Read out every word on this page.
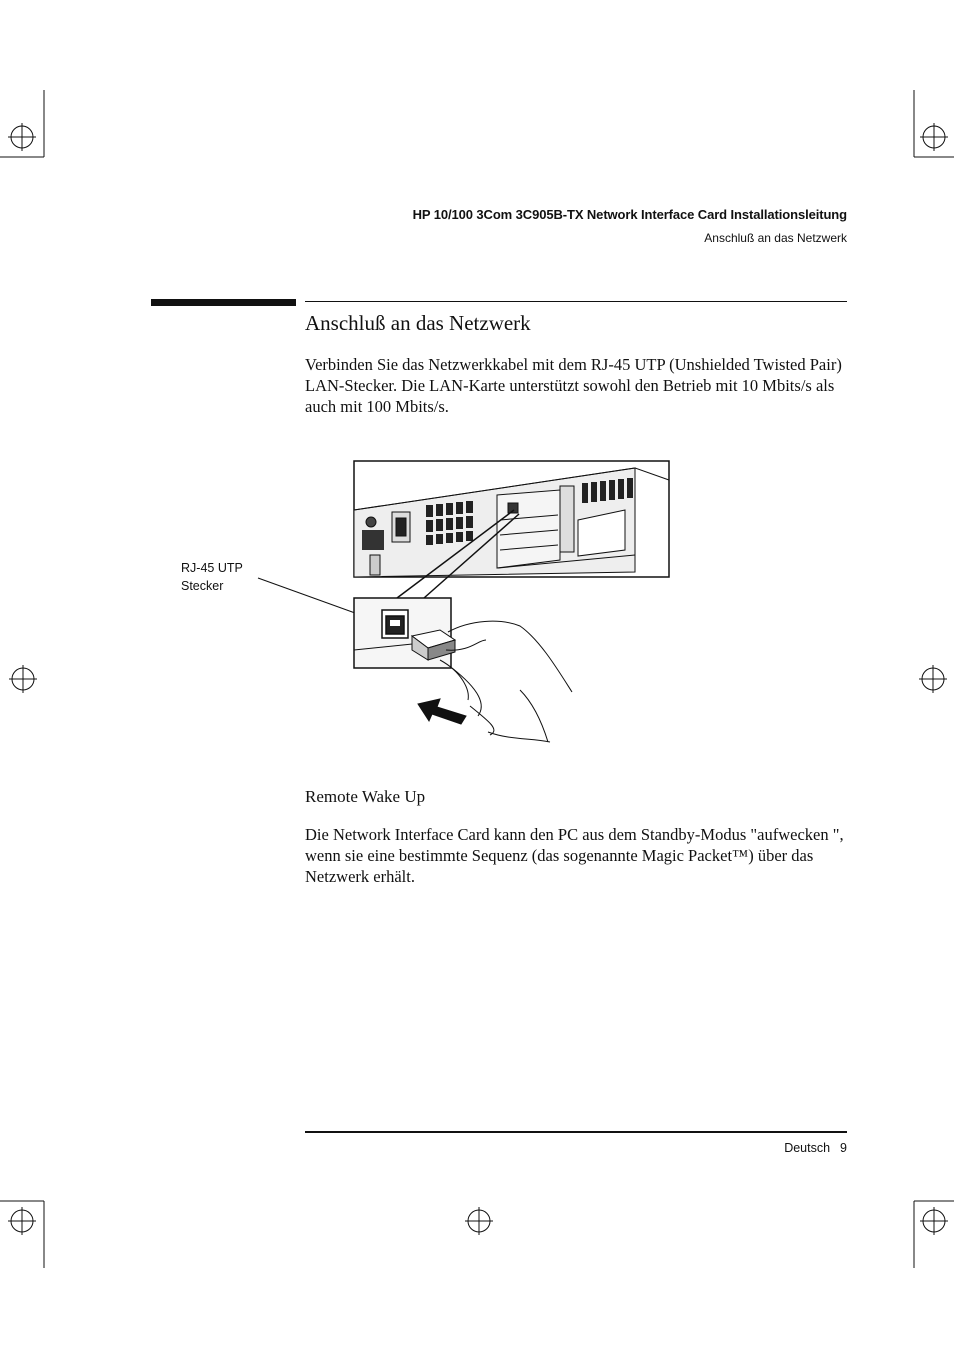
HP 10/100 3Com 3C905B-TX Network Interface Card Installationsleitung
Anschluß an das Netzwerk
Anschluß an das Netzwerk
Verbinden Sie das Netzwerkkabel mit dem RJ-45 UTP (Unshielded Twisted Pair) LAN-Stecker. Die LAN-Karte unterstützt sowohl den Betrieb mit 10 Mbits/s als auch mit 100 Mbits/s.
RJ-45 UTP
Stecker
Remote Wake Up
Die Network Interface Card kann den PC aus dem Standby-Modus "aufwecken ", wenn sie eine bestimmte Sequenz (das sogenannte Magic Packet™) über das Netzwerk erhält.
Deutsch 9
